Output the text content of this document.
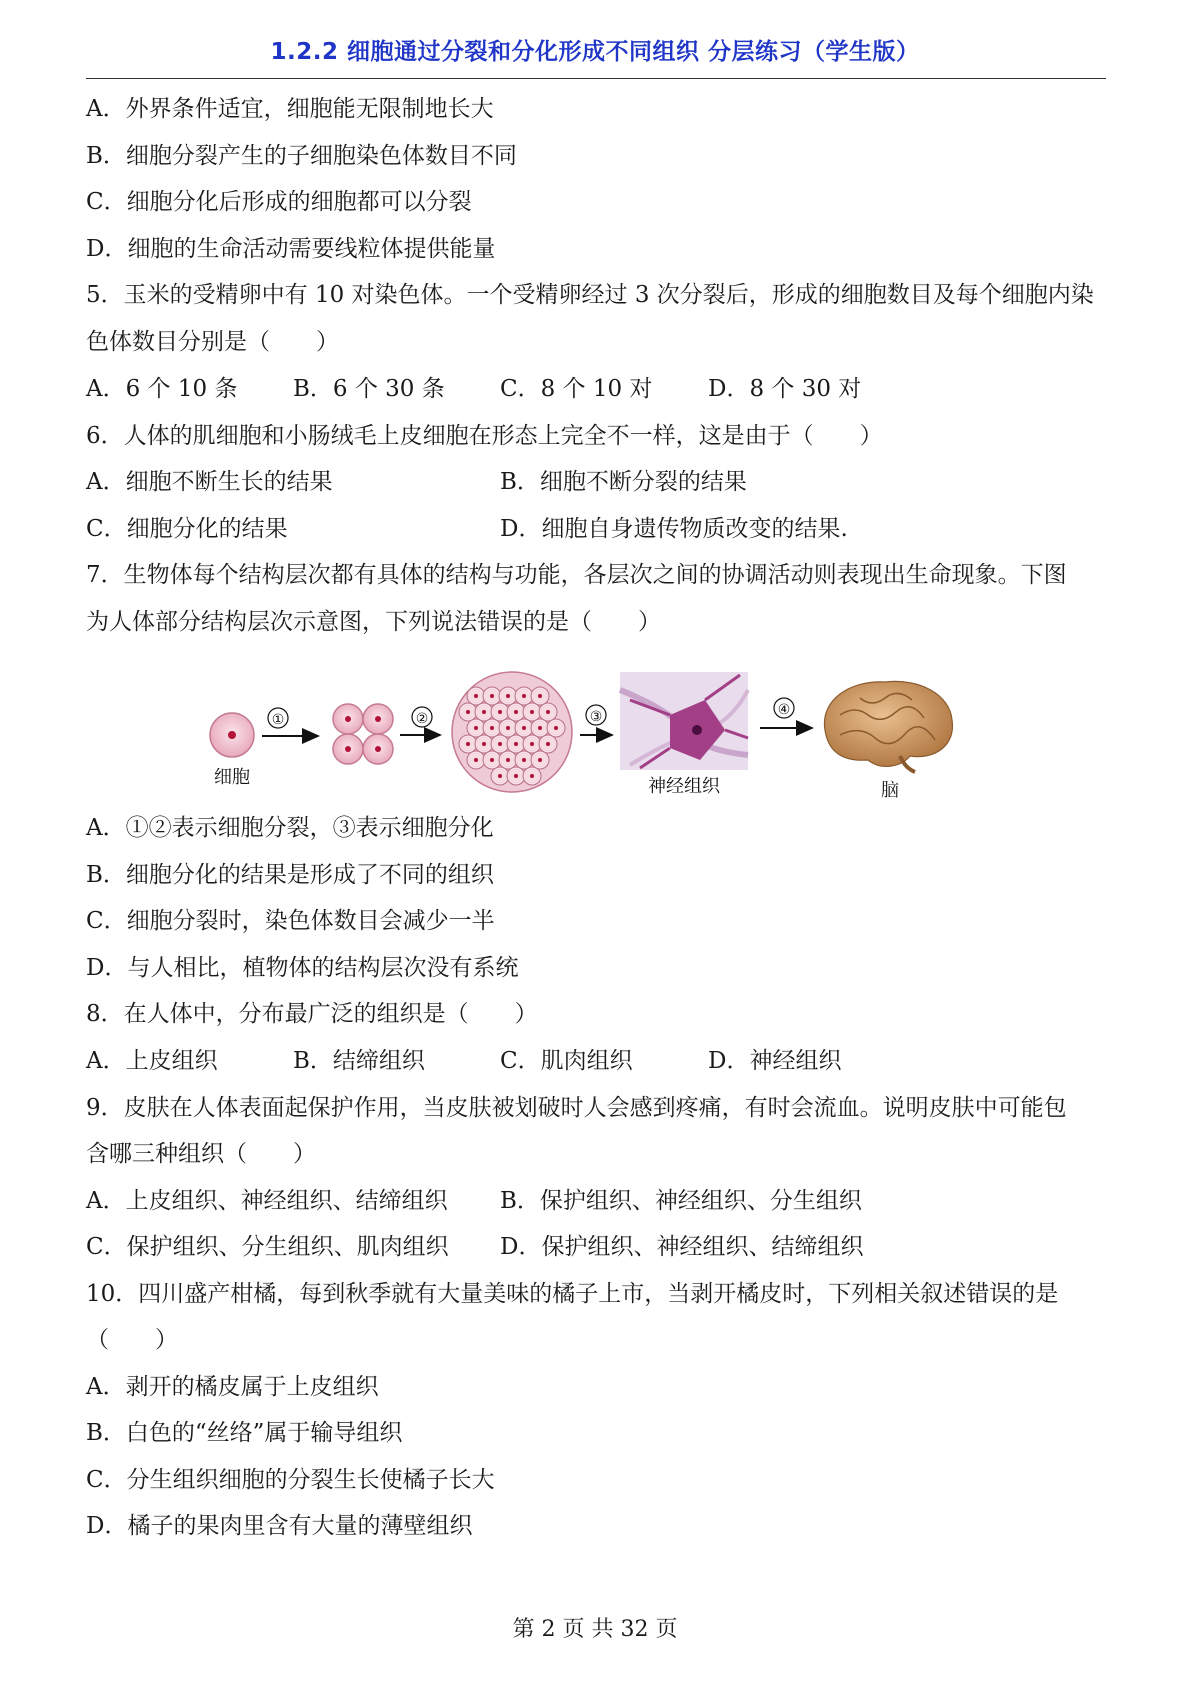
1.2.2 细胞通过分裂和分化形成不同组织 分层练习（学生版）
A．外界条件适宜，细胞能无限制地长大
B．细胞分裂产生的子细胞染色体数目不同
C．细胞分化后形成的细胞都可以分裂
D．细胞的生命活动需要线粒体提供能量
5．玉米的受精卵中有 10 对染色体。一个受精卵经过 3 次分裂后，形成的细胞数目及每个细胞内染
色体数目分别是（　　）
A．6 个 10 条 B．6 个 30 条 C．8 个 10 对 D．8 个 30 对
6．人体的肌细胞和小肠绒毛上皮细胞在形态上完全不一样，这是由于（　　）
A．细胞不断生长的结果	B．细胞不断分裂的结果
C．细胞分化的结果	D．细胞自身遗传物质改变的结果.
7．生物体每个结构层次都有具体的结构与功能，各层次之间的协调活动则表现出生命现象。下图
为人体部分结构层次示意图，下列说法错误的是（　　）
细胞
①	②	③
神经组织
④
脑
A．①②表示细胞分裂，③表示细胞分化
B．细胞分化的结果是形成了不同的组织
C．细胞分裂时，染色体数目会减少一半
D．与人相比，植物体的结构层次没有系统
8．在人体中，分布最广泛的组织是（　　）
A．上皮组织	B．结缔组织	C．肌肉组织	D．神经组织
9．皮肤在人体表面起保护作用，当皮肤被划破时人会感到疼痛，有时会流血。说明皮肤中可能包
含哪三种组织（　　）
A．上皮组织、神经组织、结缔组织 B．保护组织、神经组织、分生组织
C．保护组织、分生组织、肌肉组织 D．保护组织、神经组织、结缔组织
10．四川盛产柑橘，每到秋季就有大量美味的橘子上市，当剥开橘皮时，下列相关叙述错误的是
（　　）
A．剥开的橘皮属于上皮组织
B．白色的“丝络”属于输导组织
C．分生组织细胞的分裂生长使橘子长大
D．橘子的果肉里含有大量的薄壁组织
第 2 页 共 32 页
